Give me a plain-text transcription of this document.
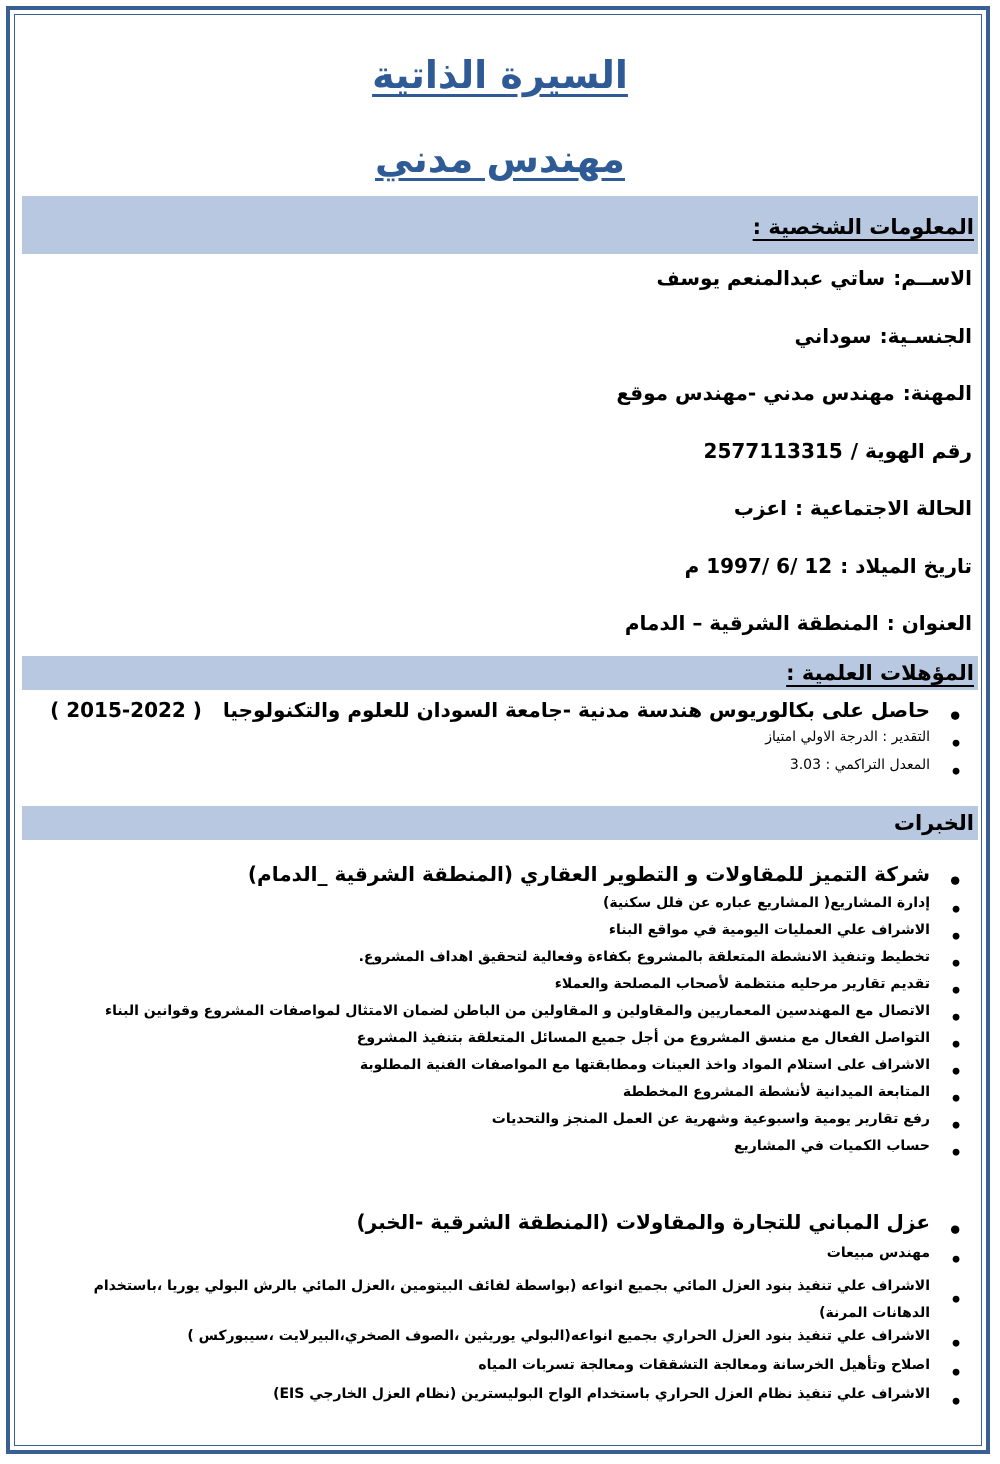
السيرة الذاتية
مهندس مدني
المعلومات الشخصية :
الاســم:ساتي عبدالمنعم يوسف
الجنسـية:سوداني
المهنة:مهندس مدني -مهندس موقع
رقم الهوية /2577113315
الحالة الاجتماعية :اعزب
تاريخ الميلاد :12 /6 /1997 م
العنوان :المنطقة الشرقية – الدمام
المؤهلات العلمية :
● حاصل على بكالوريوس هندسة مدنية -جامعة السودان للعلوم والتكنولوجيا ( 2015-2022 )
● التقدير : الدرجة الاولي امتياز
● المعدل التراكمي : 3.03
الخبرات
● شركة التميز للمقاولات و التطوير العقاري (المنطقة الشرقية _الدمام)
● إدارة المشاريع( المشاريع عباره عن فلل سكنية)
● الاشراف علي العمليات اليومية في مواقع البناء
● تخطيط وتنفيذ الانشطة المتعلقة بالمشروع بكفاءة وفعالية لتحقيق اهداف المشروع.
● تقديم تقارير مرحليه منتظمة لأصحاب المصلحة والعملاء
● الاتصال مع المهندسين المعماريين والمقاولين و المقاولين من الباطن لضمان الامتثال لمواصفات المشروع وقوانين البناء
● التواصل الفعال مع منسق المشروع من أجل جميع المسائل المتعلقة بتنفيذ المشروع
● الاشراف على استلام المواد واخذ العينات ومطابقتها مع المواصفات الفنية المطلوبة
● المتابعة الميدانية لأنشطة المشروع المخططة
● رفع تقارير يومية واسبوعية وشهرية عن العمل المنجز والتحديات
● حساب الكميات في المشاريع
● عزل المباني للتجارة والمقاولات (المنطقة الشرقية -الخبر)
● مهندس مبيعات
● الاشراف علي تنفيذ بنود العزل المائي بجميع انواعه (بواسطة لفائف البيتومين ،العزل المائي بالرش البولي يوريا ،باستخدام الدهانات المرنة)
● الاشراف علي تنفيذ بنود العزل الحراري بجميع انواعه(البولي يوريثين ،الصوف الصخري،البيرلايت ،سيبوركس )
● اصلاح وتأهيل الخرسانة ومعالجة التشققات ومعالجة تسربات المياه
● الاشراف علي تنفيذ نظام العزل الحراري باستخدام الواح البوليسترين (نظام العزل الخارجي EIS)
